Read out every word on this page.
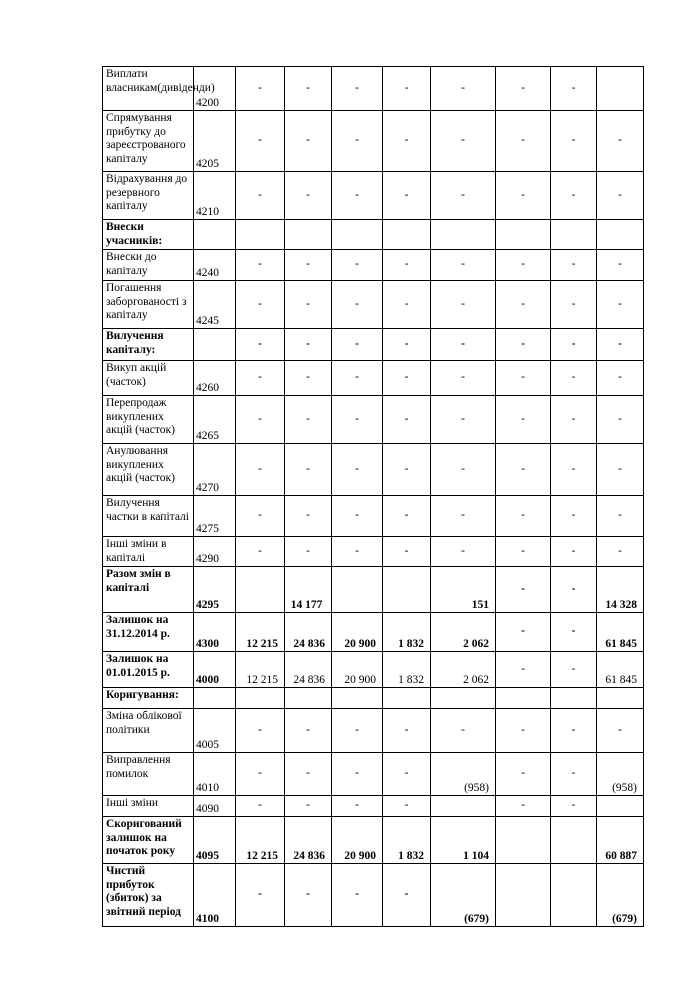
Виплати власникам(дивіденди)	4200	-	-	-	-	-	-	-	
Спрямування прибутку до зареєстрованого капіталу	4205	-	-	-	-	-	-	-	-
Відрахування до резервного капіталу	4210	-	-	-	-	-	-	-	-
Внески учасників:									
Внески до капіталу	4240	-	-	-	-	-	-	-	-
Погашення заборгованості з капіталу	4245	-	-	-	-	-	-	-	-
Вилучення капіталу:		-	-	-	-	-	-	-	-
Викуп акцій (часток)	4260	-	-	-	-	-	-	-	-
Перепродаж викуплених акцій (часток)	4265	-	-	-	-	-	-	-	-
Анулювання викуплених акцій (часток)	4270	-	-	-	-	-	-	-	-
Вилучення частки в капіталі	4275	-	-	-	-	-	-	-	-
Інші зміни в капіталі	4290	-	-	-	-	-	-	-	-
Разом змін в капіталі	4295		14 177			151	-	-	14 328
Залишок на 31.12.2014 р.	4300	12 215	24 836	20 900	1 832	2 062	-	-	61 845
Залишок на 01.01.2015 р.	4000	12 215	24 836	20 900	1 832	2 062	-	-	61 845
Коригування:									
Зміна облікової політики	4005	-	-	-	-	-	-	-	-
Виправлення помилок	4010	-	-	-	-	(958)	-	-	(958)
Інші зміни	4090	-	-	-	-		-	-	
Скоригований залишок на початок року	4095	12 215	24 836	20 900	1 832	1 104			60 887
Чистий прибуток (збиток) за звітний період	4100	-	-	-	-	(679)			(679)
